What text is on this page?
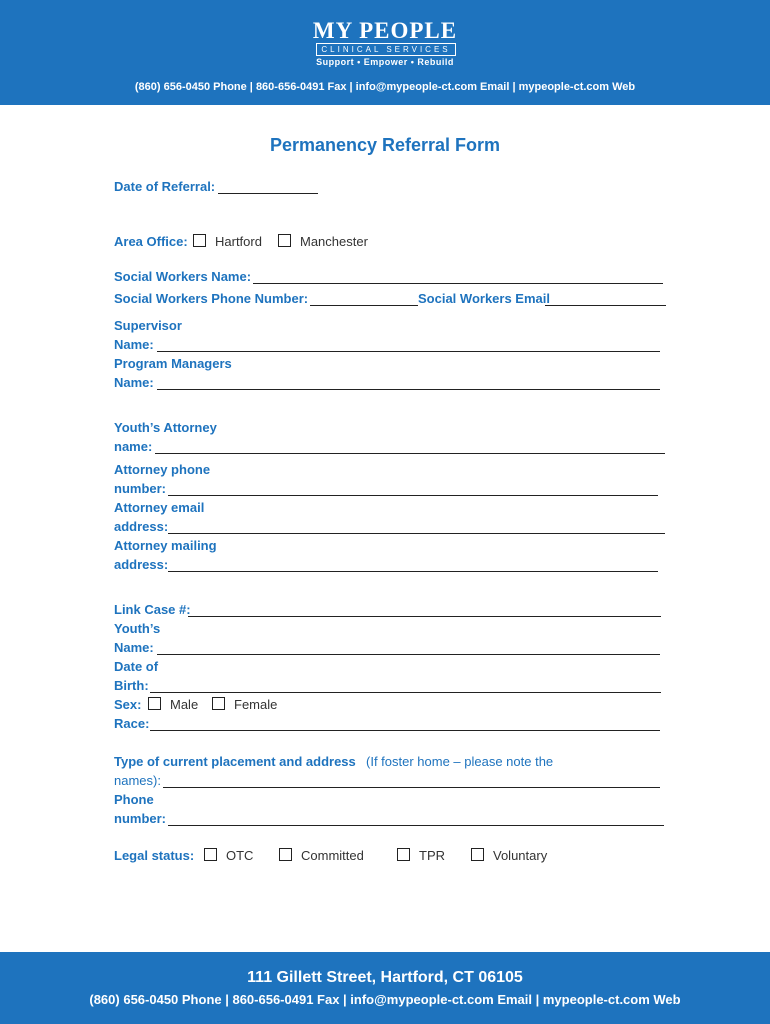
MY PEOPLE
CLINICAL SERVICES
Support • Empower • Rebuild
(860) 656-0450 Phone | 860-656-0491 Fax | info@mypeople-ct.com Email | mypeople-ct.com Web
Permanency Referral Form
Date of Referral:
Area Office: Hartford	Manchester
Social Workers Name:
Social Workers Phone Number:	Social Workers Email
Supervisor
Name:
Program Managers
Name:
Youth’s Attorney
name:
Attorney phone
number:
Attorney email
address:
Attorney mailing
address:
Link Case #:
Youth’s
Name:
Date of
Birth:
Sex: Male	Female
Race:
Type of current placement and address (If foster home – please note the
names):
Phone
number:
Legal status: OTC	Committed	TPR	Voluntary
111 Gillett Street, Hartford, CT 06105
(860) 656-0450 Phone | 860-656-0491 Fax | info@mypeople-ct.com Email | mypeople-ct.com Web
